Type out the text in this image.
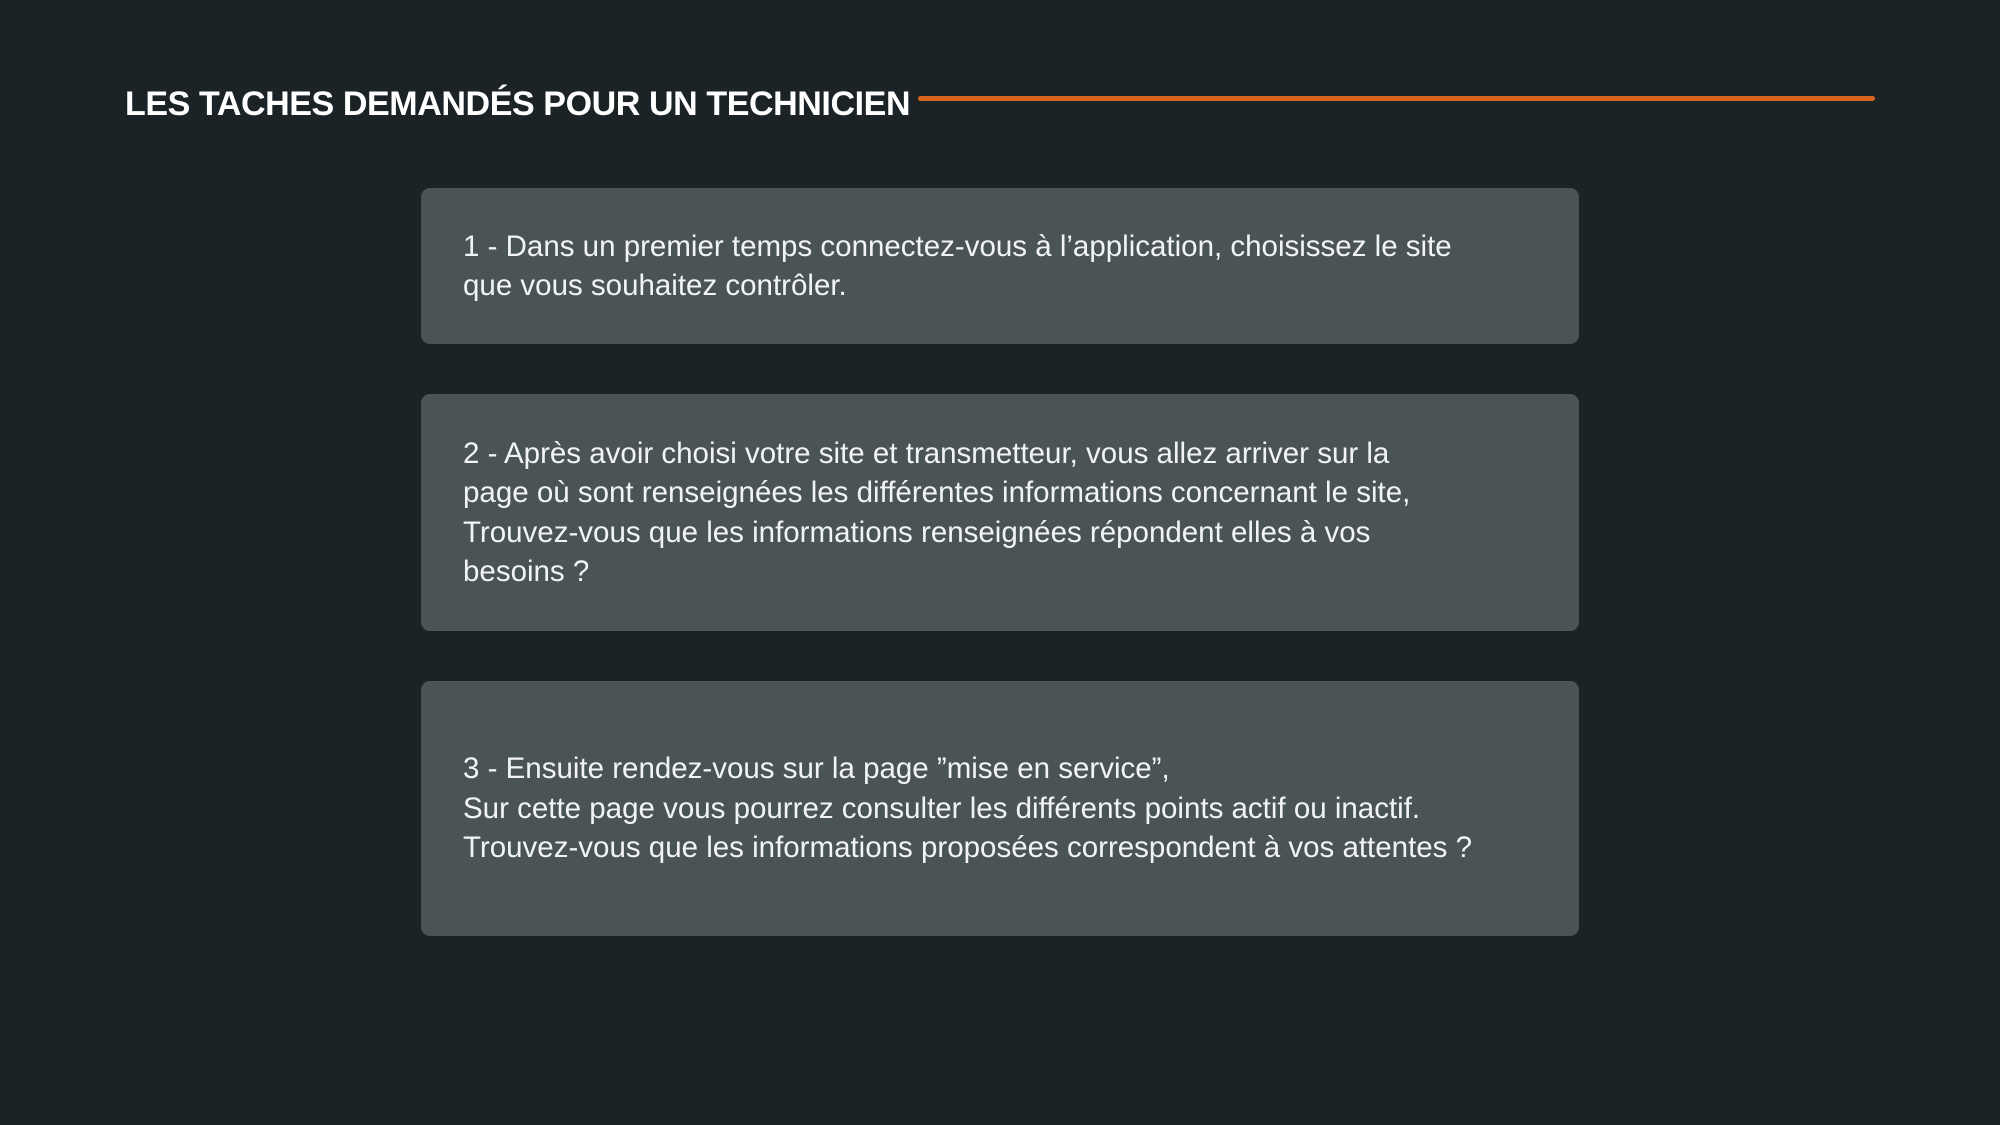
LES TACHES DEMANDÉS POUR UN TECHNICIEN

1 - Dans un premier temps connectez-vous à l’application, choisissez le site
que vous souhaitez contrôler.

2 - Après avoir choisi votre site et transmetteur, vous allez arriver sur la
page où sont renseignées les différentes informations concernant le site,
Trouvez-vous que les informations renseignées répondent elles à vos
besoins ?

3 - Ensuite rendez-vous sur la page ”mise en service”,
Sur cette page vous pourrez consulter les différents points actif ou inactif.
Trouvez-vous que les informations proposées correspondent à vos attentes ?
